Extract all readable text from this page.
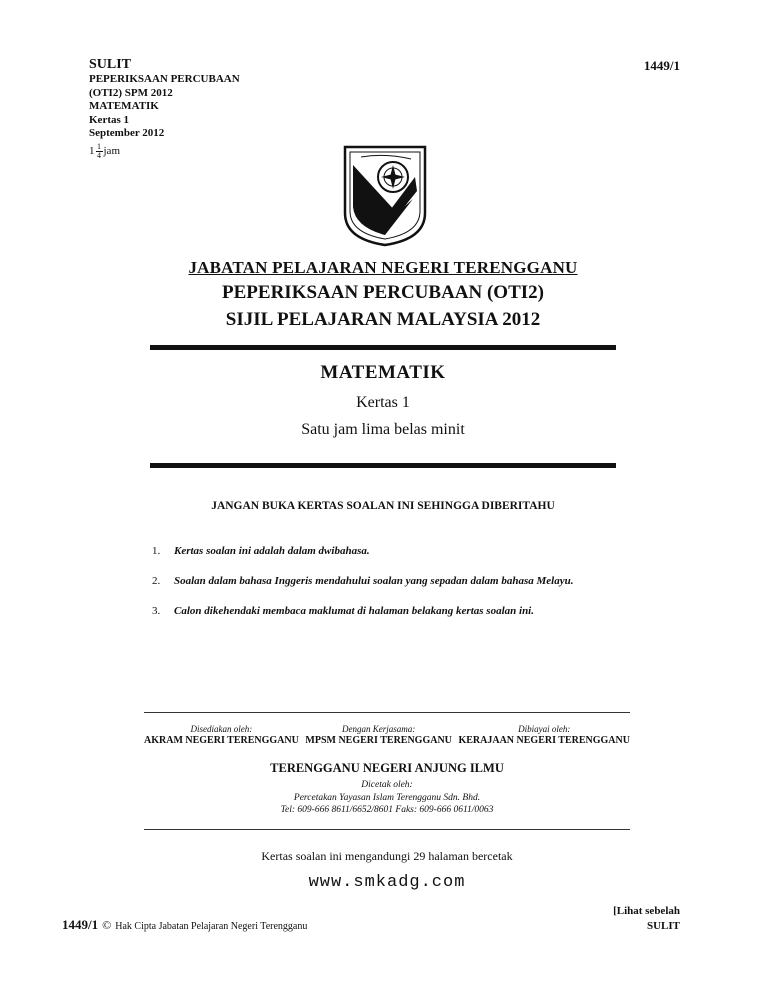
SULIT
PEPERIKSAAN PERCUBAAN
(OTI2) SPM 2012
MATEMATIK
Kertas 1
September 2012
$1 \frac{1}{4}$ jam
1449/1
JABATAN PELAJARAN NEGERI TERENGGANU
PEPERIKSAAN PERCUBAAN (OTI2)
SIJIL PELAJARAN MALAYSIA 2012
MATEMATIK
Kertas 1
Satu jam lima belas minit
JANGAN BUKA KERTAS SOALAN INI SEHINGGA DIBERITAHU
1.	Kertas soalan ini adalah dalam dwibahasa.
2.	Soalan dalam bahasa Inggeris mendahului soalan yang sepadan dalam bahasa Melayu.
3.	Calon dikehendaki membaca maklumat di halaman belakang kertas soalan ini.
Disediakan oleh:
AKRAM NEGERI TERENGGANU
Dengan Kerjasama:
MPSM NEGERI TERENGGANU
Dibiayai oleh:
KERAJAAN NEGERI TERENGGANU
TERENGGANU NEGERI ANJUNG ILMU
Dicetak oleh:
Percetakan Yayasan Islam Terengganu Sdn. Bhd.
Tel: 609-666 8611/6652/8601 Faks: 609-666 0611/0063
Kertas soalan ini mengandungi 29 halaman bercetak
www.smkadg.com
1449/1 © Hak Cipta Jabatan Pelajaran Negeri Terengganu
[Lihat sebelah
SULIT
